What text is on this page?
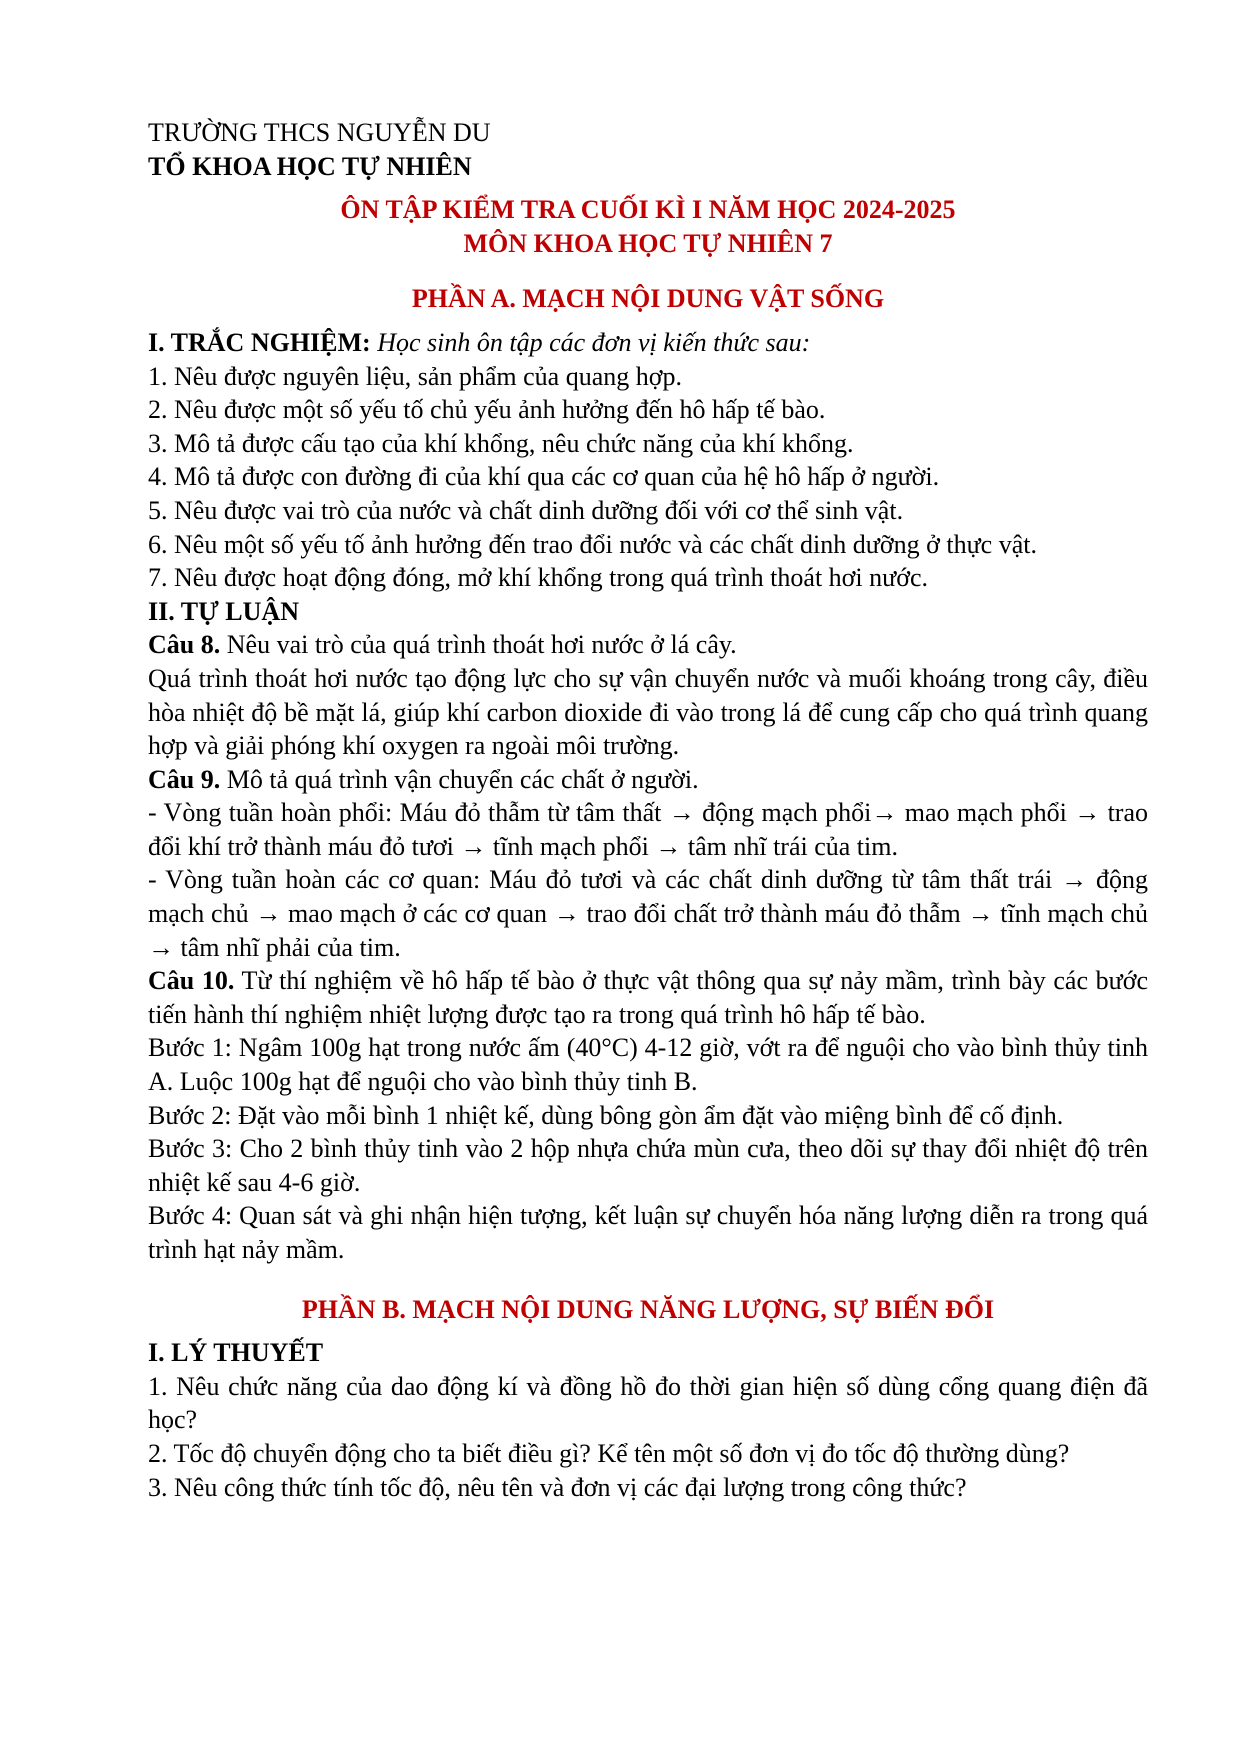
TRƯỜNG THCS NGUYỄN DU

TỔ KHOA HỌC TỰ NHIÊN

ÔN TẬP KIỂM TRA CUỐI KÌ I NĂM HỌC 2024-2025

MÔN KHOA HỌC TỰ NHIÊN 7

PHẦN A. MẠCH NỘI DUNG VẬT SỐNG

I. TRẮC NGHIỆM: Học sinh ôn tập các đơn vị kiến thức sau:

1. Nêu được nguyên liệu, sản phẩm của quang hợp.

2. Nêu được một số yếu tố chủ yếu ảnh hưởng đến hô hấp tế bào.

3. Mô tả được cấu tạo của khí khổng, nêu chức năng của khí khổng.

4. Mô tả được con đường đi của khí qua các cơ quan của hệ hô hấp ở người.

5. Nêu được vai trò của nước và chất dinh dưỡng đối với cơ thể sinh vật.

6. Nêu một số yếu tố ảnh hưởng đến trao đổi nước và các chất dinh dưỡng ở thực vật.

7. Nêu được hoạt động đóng, mở khí khổng trong quá trình thoát hơi nước.

II. TỰ LUẬN

Câu 8. Nêu vai trò của quá trình thoát hơi nước ở lá cây.

Quá trình thoát hơi nước tạo động lực cho sự vận chuyển nước và muối khoáng trong cây, điều hòa nhiệt độ bề mặt lá, giúp khí carbon dioxide đi vào trong lá để cung cấp cho quá trình quang hợp và giải phóng khí oxygen ra ngoài môi trường.

Câu 9. Mô tả quá trình vận chuyển các chất ở người.

- Vòng tuần hoàn phổi: Máu đỏ thẫm từ tâm thất → động mạch phổi→ mao mạch phổi → trao đổi khí trở thành máu đỏ tươi → tĩnh mạch phổi → tâm nhĩ trái của tim.

- Vòng tuần hoàn các cơ quan: Máu đỏ tươi và các chất dinh dưỡng từ tâm thất trái → động mạch chủ → mao mạch ở các cơ quan → trao đổi chất trở thành máu đỏ thẫm → tĩnh mạch chủ → tâm nhĩ phải của tim.

Câu 10. Từ thí nghiệm về hô hấp tế bào ở thực vật thông qua sự nảy mầm, trình bày các bước tiến hành thí nghiệm nhiệt lượng được tạo ra trong quá trình hô hấp tế bào.

Bước 1: Ngâm 100g hạt trong nước ấm (40°C) 4-12 giờ, vớt ra để nguội cho vào bình thủy tinh A. Luộc 100g hạt để nguội cho vào bình thủy tinh B.

Bước 2: Đặt vào mỗi bình 1 nhiệt kế, dùng bông gòn ẩm đặt vào miệng bình để cố định.

Bước 3: Cho 2 bình thủy tinh vào 2 hộp nhựa chứa mùn cưa, theo dõi sự thay đổi nhiệt độ trên nhiệt kế sau 4-6 giờ.

Bước 4: Quan sát và ghi nhận hiện tượng, kết luận sự chuyển hóa năng lượng diễn ra trong quá trình hạt nảy mầm.

PHẦN B. MẠCH NỘI DUNG NĂNG LƯỢNG, SỰ BIẾN ĐỔI

I. LÝ THUYẾT

1. Nêu chức năng của dao động kí và đồng hồ đo thời gian hiện số dùng cổng quang điện đã học?

2. Tốc độ chuyển động cho ta biết điều gì? Kể tên một số đơn vị đo tốc độ thường dùng?

3. Nêu công thức tính tốc độ, nêu tên và đơn vị các đại lượng trong công thức?
